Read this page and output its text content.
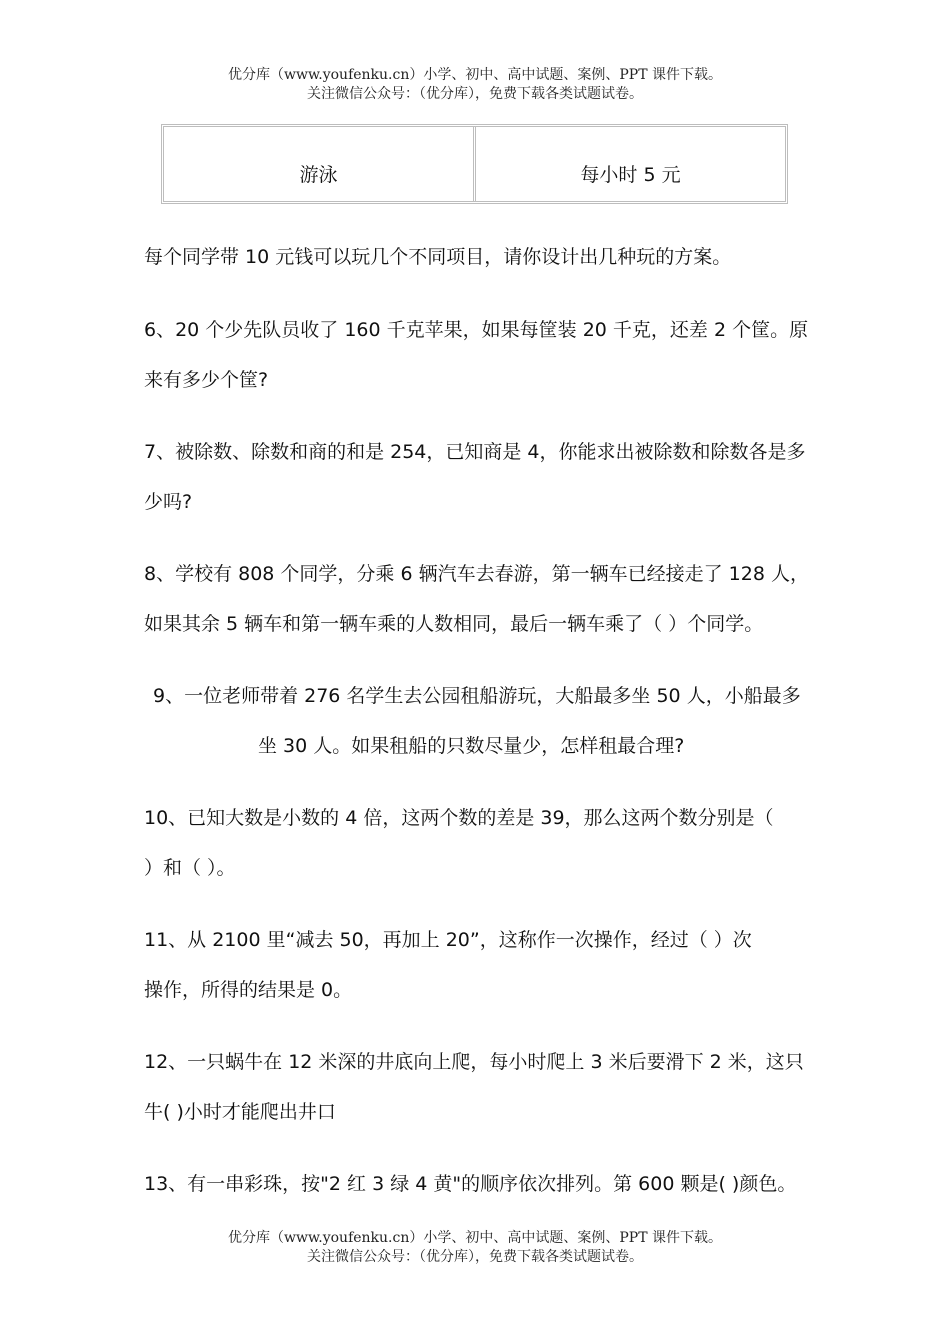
优分库（www.youfenku.cn）小学、初中、高中试题、案例、PPT 课件下载。
关注微信公众号：（优分库），免费下载各类试题试卷。
游泳	每小时 5 元
每个同学带 10 元钱可以玩几个不同项目，请你设计出几种玩的方案。
6、20 个少先队员收了 160 千克苹果，如果每筐装 20 千克，还差 2 个筐。原
来有多少个筐?
7、被除数、除数和商的和是 254，已知商是 4，你能求出被除数和除数各是多
少吗?
8、学校有 808 个同学，分乘 6 辆汽车去春游，第一辆车已经接走了 128 人，
如果其余 5 辆车和第一辆车乘的人数相同，最后一辆车乘了（ ）个同学。
9、一位老师带着 276 名学生去公园租船游玩，大船最多坐 50 人，小船最多
坐 30 人。如果租船的只数尽量少，怎样租最合理?
10、已知大数是小数的 4 倍，这两个数的差是 39，那么这两个数分别是（
）和（ ）。
11、从 2100 里“减去 50，再加上 20”，这称作一次操作，经过（ ）次
操作，所得的结果是 0。
12、一只蜗牛在 12 米深的井底向上爬，每小时爬上 3 米后要滑下 2 米，这只
牛( )小时才能爬出井口
13、有一串彩珠，按"2 红 3 绿 4 黄"的顺序依次排列。第 600 颗是( )颜色。
优分库（www.youfenku.cn）小学、初中、高中试题、案例、PPT 课件下载。
关注微信公众号：（优分库），免费下载各类试题试卷。
